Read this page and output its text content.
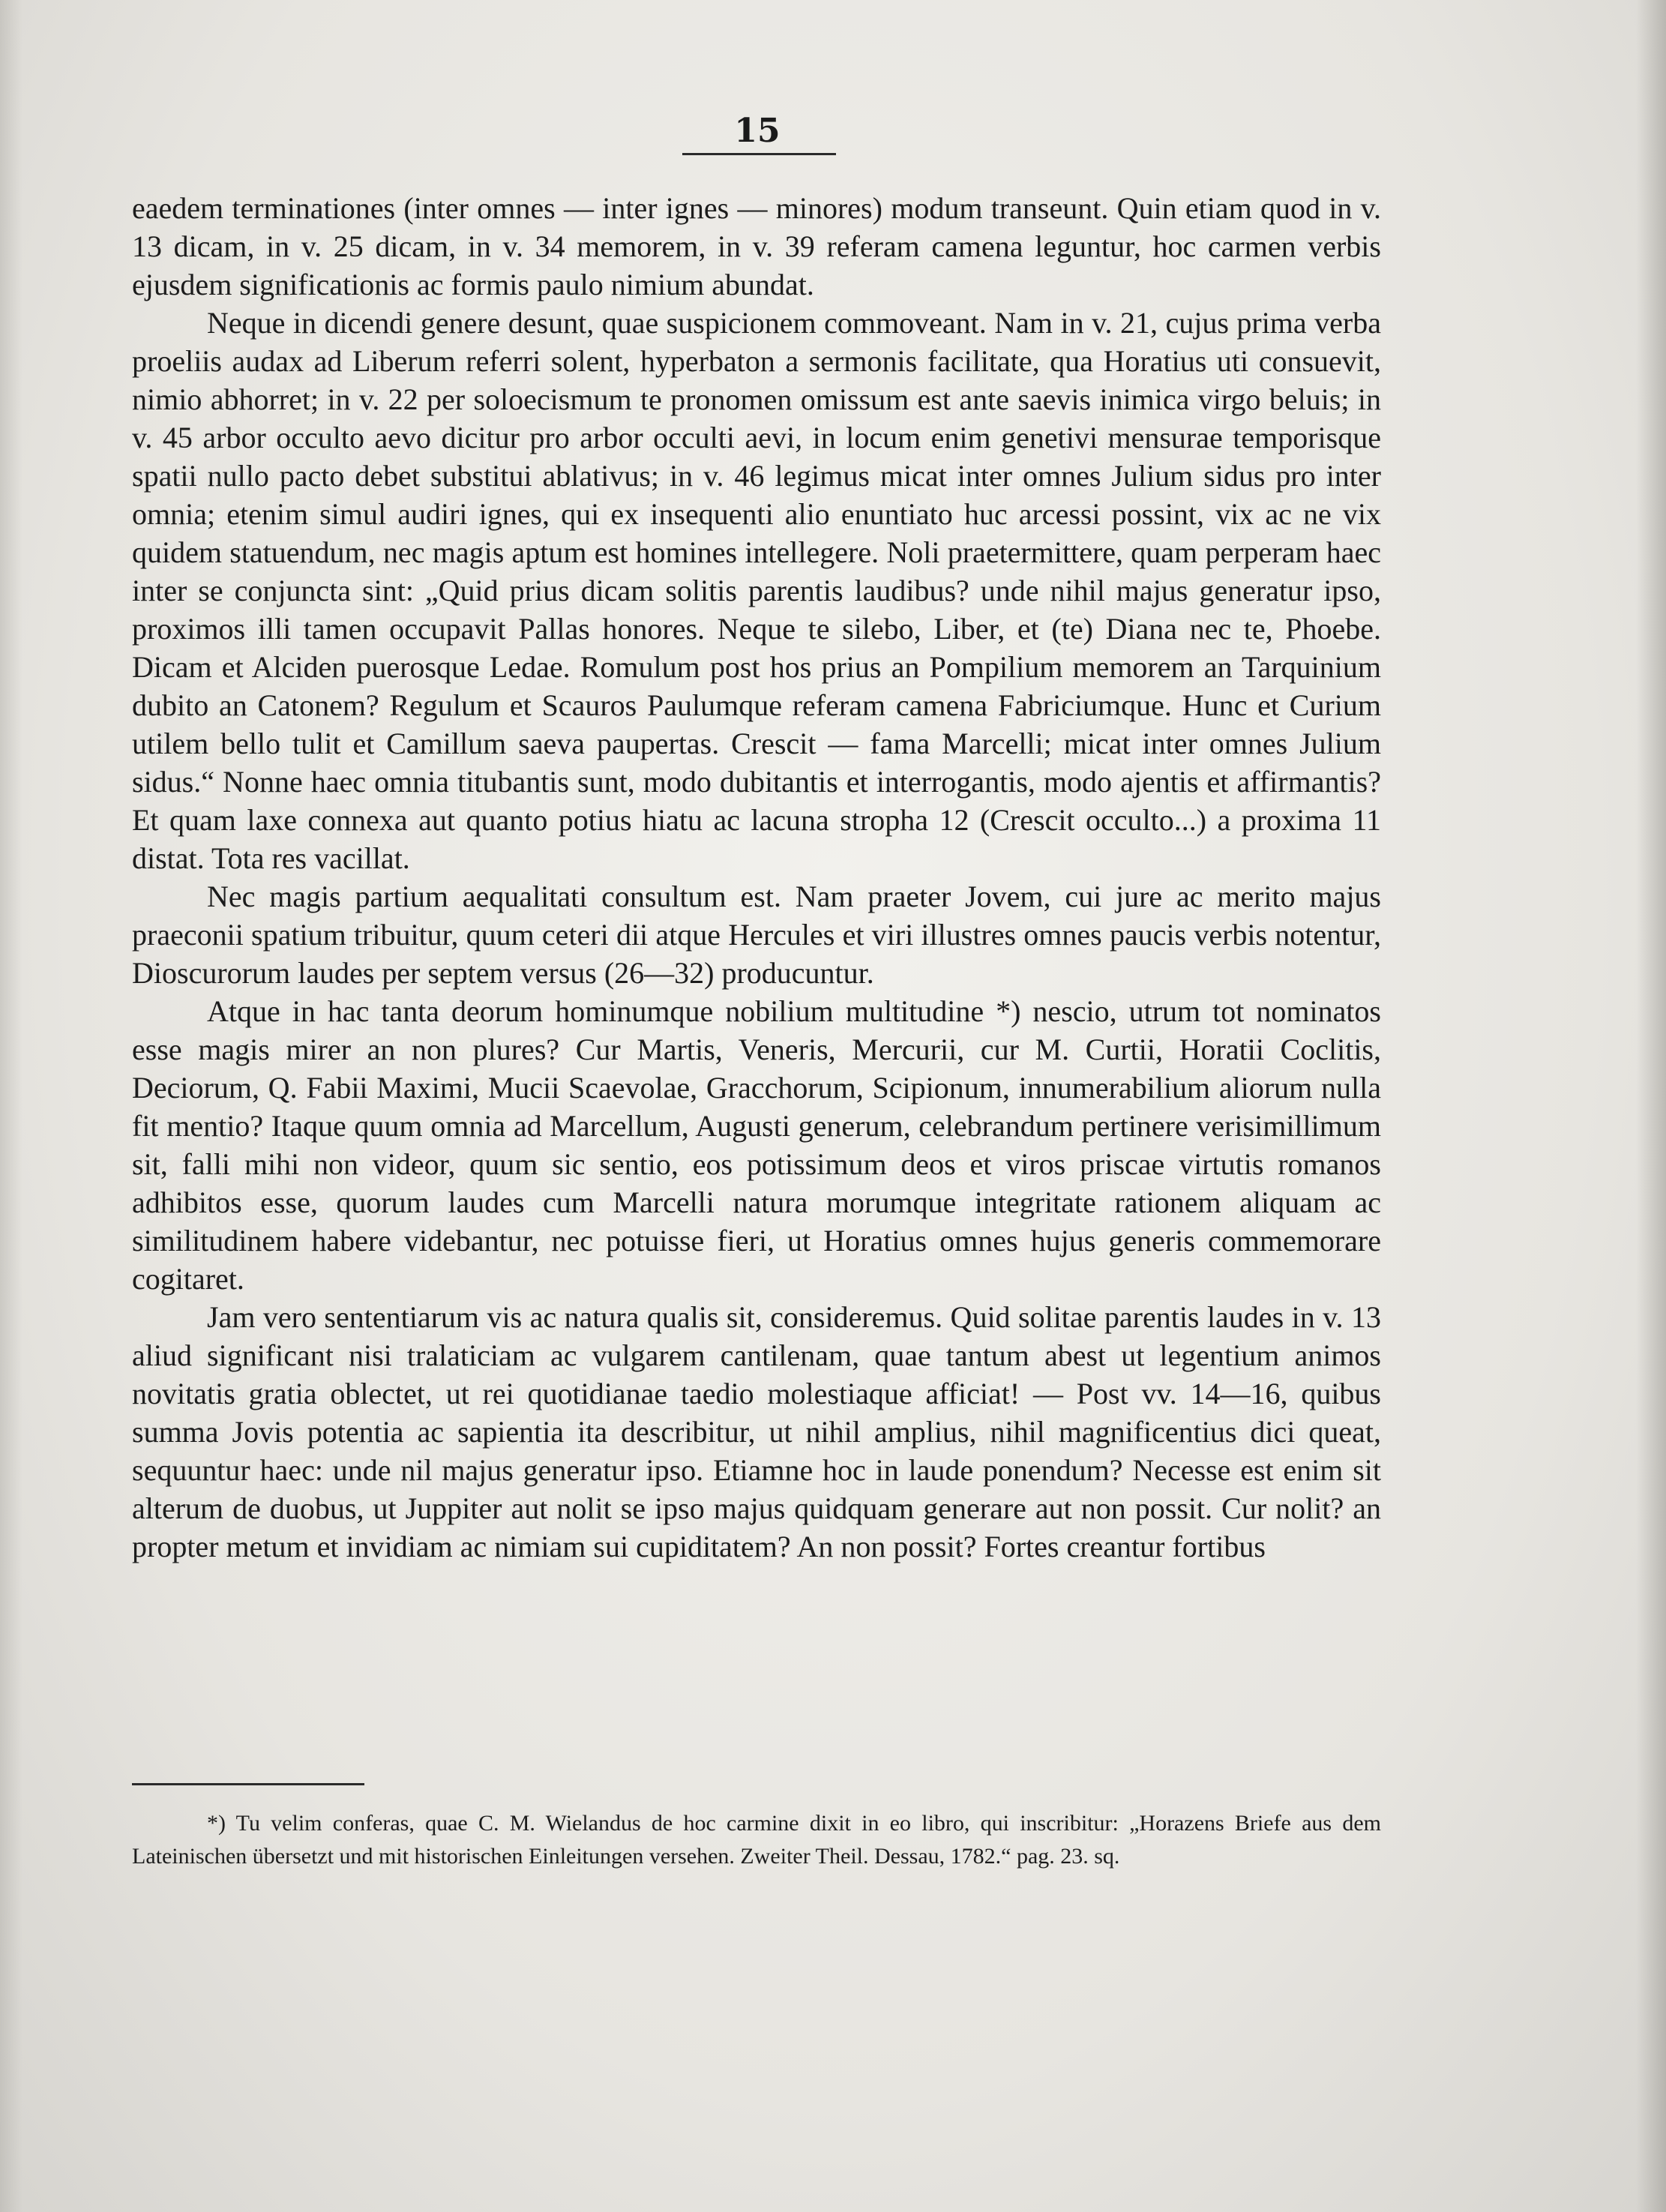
15

eaedem terminationes (inter omnes — inter ignes — minores) modum transeunt. Quin etiam quod in v. 13 dicam, in v. 25 dicam, in v. 34 memorem, in v. 39 referam camena leguntur, hoc carmen verbis ejusdem significationis ac formis paulo nimium abundat.

Neque in dicendi genere desunt, quae suspicionem commoveant. Nam in v. 21, cujus prima verba proeliis audax ad Liberum referri solent, hyperbaton a sermonis facilitate, qua Horatius uti consuevit, nimio abhorret; in v. 22 per soloecismum te pronomen omissum est ante saevis inimica virgo beluis; in v. 45 arbor occulto aevo dicitur pro arbor occulti aevi, in locum enim genetivi mensurae temporisque spatii nullo pacto debet substitui ablativus; in v. 46 legimus micat inter omnes Julium sidus pro inter omnia; etenim simul audiri ignes, qui ex insequenti alio enuntiato huc arcessi possint, vix ac ne vix quidem statuendum, nec magis aptum est homines intellegere. Noli praetermittere, quam perperam haec inter se conjuncta sint: „Quid prius dicam solitis parentis laudibus? unde nihil majus generatur ipso, proximos illi tamen occupavit Pallas honores. Neque te silebo, Liber, et (te) Diana nec te, Phoebe. Dicam et Alciden puerosque Ledae. Romulum post hos prius an Pompilium memorem an Tarquinium dubito an Catonem? Regulum et Scauros Paulumque referam camena Fabriciumque. Hunc et Curium utilem bello tulit et Camillum saeva paupertas. Crescit — fama Marcelli; micat inter omnes Julium sidus.“ Nonne haec omnia titubantis sunt, modo dubitantis et interrogantis, modo ajentis et affirmantis? Et quam laxe connexa aut quanto potius hiatu ac lacuna stropha 12 (Crescit occulto...) a proxima 11 distat. Tota res vacillat.

Nec magis partium aequalitati consultum est. Nam praeter Jovem, cui jure ac merito majus praeconii spatium tribuitur, quum ceteri dii atque Hercules et viri illustres omnes paucis verbis notentur, Dioscurorum laudes per septem versus (26—32) producuntur.

Atque in hac tanta deorum hominumque nobilium multitudine *) nescio, utrum tot nominatos esse magis mirer an non plures? Cur Martis, Veneris, Mercurii, cur M. Curtii, Horatii Coclitis, Deciorum, Q. Fabii Maximi, Mucii Scaevolae, Gracchorum, Scipionum, innumerabilium aliorum nulla fit mentio? Itaque quum omnia ad Marcellum, Augusti generum, celebrandum pertinere verisimillimum sit, falli mihi non videor, quum sic sentio, eos potissimum deos et viros priscae virtutis romanos adhibitos esse, quorum laudes cum Marcelli natura morumque integritate rationem aliquam ac similitudinem habere videbantur, nec potuisse fieri, ut Horatius omnes hujus generis commemorare cogitaret.

Jam vero sententiarum vis ac natura qualis sit, consideremus. Quid solitae parentis laudes in v. 13 aliud significant nisi tralaticiam ac vulgarem cantilenam, quae tantum abest ut legentium animos novitatis gratia oblectet, ut rei quotidianae taedio molestiaque afficiat! — Post vv. 14—16, quibus summa Jovis potentia ac sapientia ita describitur, ut nihil amplius, nihil magnificentius dici queat, sequuntur haec: unde nil majus generatur ipso. Etiamne hoc in laude ponendum? Necesse est enim sit alterum de duobus, ut Juppiter aut nolit se ipso majus quidquam generare aut non possit. Cur nolit? an propter metum et invidiam ac nimiam sui cupiditatem? An non possit? Fortes creantur fortibus

*) Tu velim conferas, quae C. M. Wielandus de hoc carmine dixit in eo libro, qui inscribitur: „Horazens Briefe aus dem Lateinischen übersetzt und mit historischen Einleitungen versehen. Zweiter Theil. Dessau, 1782.“ pag. 23. sq.
